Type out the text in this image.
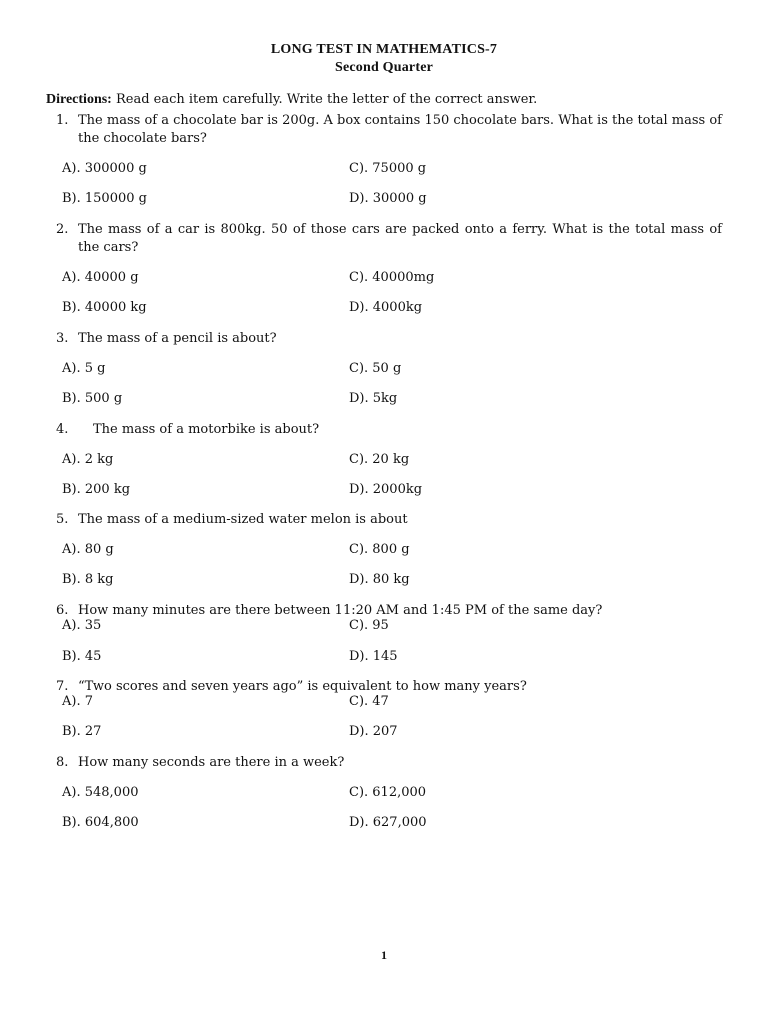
LONG TEST IN MATHEMATICS-7
Second Quarter
Directions: Read each item carefully. Write the letter of the correct answer.
1. The mass of a chocolate bar is 200g. A box contains 150 chocolate bars. What is the total mass of the chocolate bars?
A). 300000 g	C). 75000 g
B). 150000 g	D). 30000 g
2. The mass of a car is 800kg. 50 of those cars are packed onto a ferry. What is the total mass of the cars?
A). 40000 g	C). 40000mg
B). 40000 kg	D). 4000kg
3. The mass of a pencil is about?
A). 5 g	C). 50 g
B). 500 g	D). 5kg
4.	The mass of a motorbike is about?
A). 2 kg	C). 20 kg
B). 200 kg	D). 2000kg
5. The mass of a medium-sized water melon is about
A). 80 g	C). 800 g
B). 8 kg	D). 80 kg
6. How many minutes are there between 11:20 AM and 1:45 PM of the same day?
A). 35	C). 95
B). 45	D). 145
7. “Two scores and seven years ago” is equivalent to how many years?
A). 7	C). 47
B). 27	D). 207
8. How many seconds are there in a week?
A). 548,000	C). 612,000
B). 604,800	D). 627,000
1
